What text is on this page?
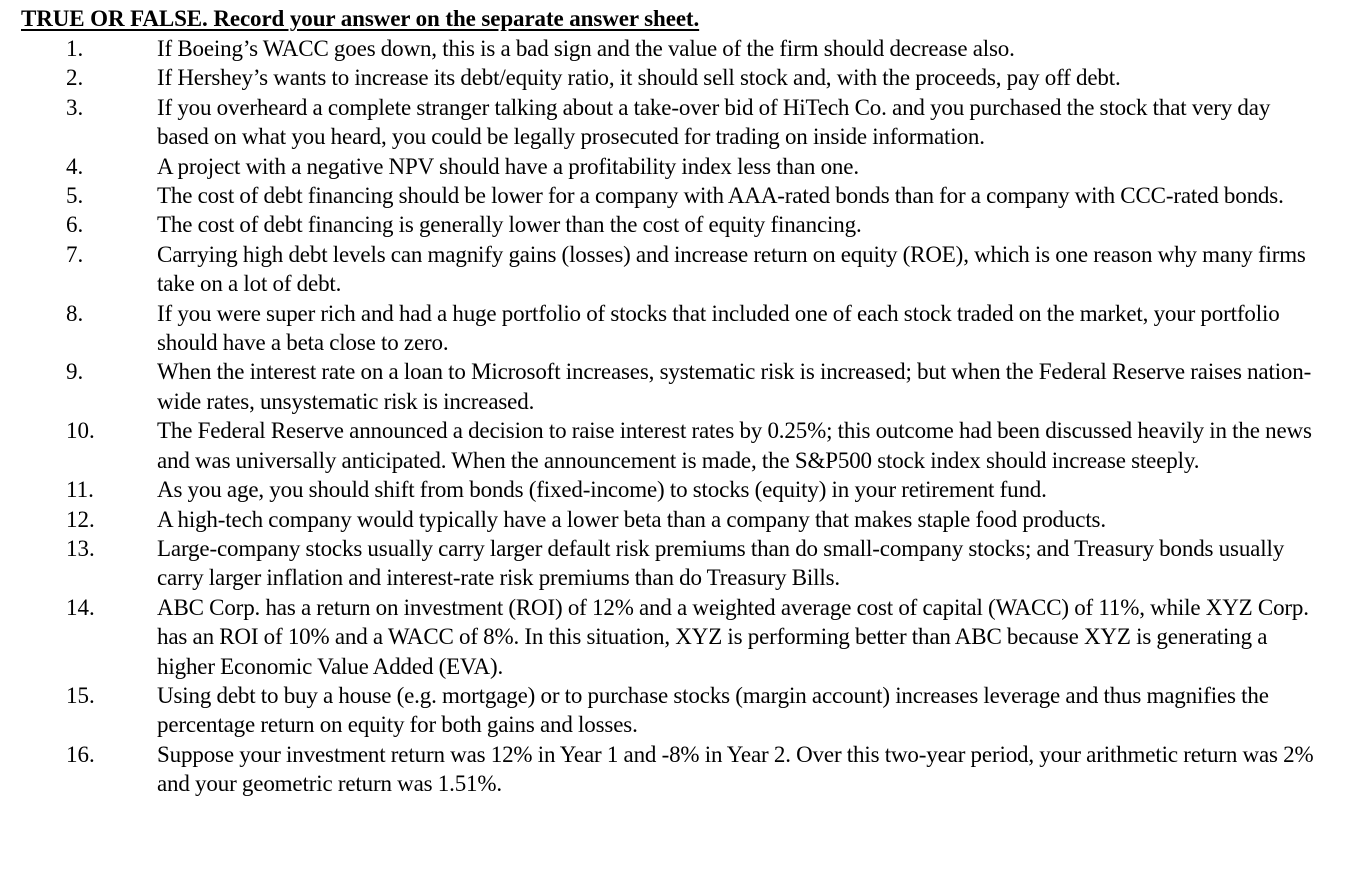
TRUE OR FALSE. Record your answer on the separate answer sheet.
1.	If Boeing’s WACC goes down, this is a bad sign and the value of the firm should decrease also.
2.	If Hershey’s wants to increase its debt/equity ratio, it should sell stock and, with the proceeds, pay off debt.
3.	If you overheard a complete stranger talking about a take-over bid of HiTech Co. and you purchased the stock that very day based on what you heard, you could be legally prosecuted for trading on inside information.
4.	A project with a negative NPV should have a profitability index less than one.
5.	The cost of debt financing should be lower for a company with AAA-rated bonds than for a company with CCC-rated bonds.
6.	The cost of debt financing is generally lower than the cost of equity financing.
7.	Carrying high debt levels can magnify gains (losses) and increase return on equity (ROE), which is one reason why many firms take on a lot of debt.
8.	If you were super rich and had a huge portfolio of stocks that included one of each stock traded on the market, your portfolio should have a beta close to zero.
9.	When the interest rate on a loan to Microsoft increases, systematic risk is increased; but when the Federal Reserve raises nation-wide rates, unsystematic risk is increased.
10.	The Federal Reserve announced a decision to raise interest rates by 0.25%; this outcome had been discussed heavily in the news and was universally anticipated. When the announcement is made, the S&P500 stock index should increase steeply.
11.	As you age, you should shift from bonds (fixed-income) to stocks (equity) in your retirement fund.
12.	A high-tech company would typically have a lower beta than a company that makes staple food products.
13.	Large-company stocks usually carry larger default risk premiums than do small-company stocks; and Treasury bonds usually carry larger inflation and interest-rate risk premiums than do Treasury Bills.
14.	ABC Corp. has a return on investment (ROI) of 12% and a weighted average cost of capital (WACC) of 11%, while XYZ Corp. has an ROI of 10% and a WACC of 8%. In this situation, XYZ is performing better than ABC because XYZ is generating a higher Economic Value Added (EVA).
15.	Using debt to buy a house (e.g. mortgage) or to purchase stocks (margin account) increases leverage and thus magnifies the percentage return on equity for both gains and losses.
16.	Suppose your investment return was 12% in Year 1 and -8% in Year 2. Over this two-year period, your arithmetic return was 2% and your geometric return was 1.51%.
